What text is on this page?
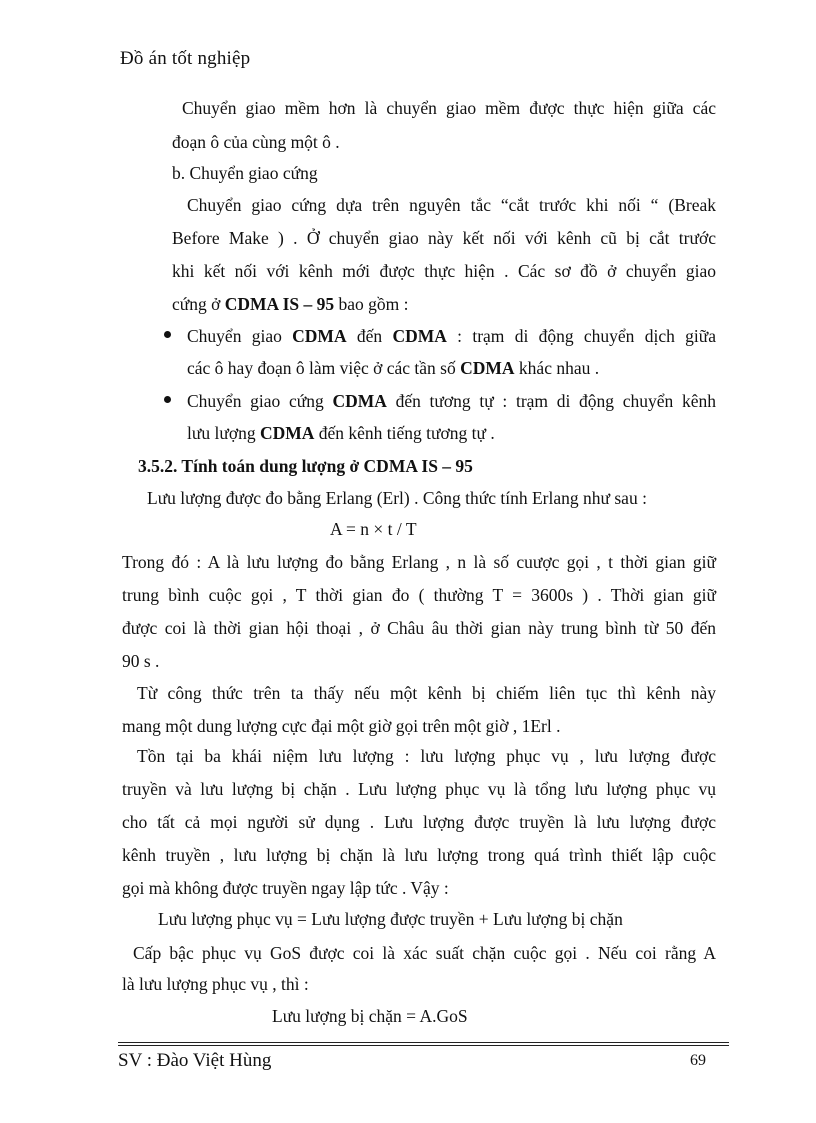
Đồ án tốt nghiệp
Chuyển giao mềm hơn là chuyển giao mềm được thực hiện giữa các
đoạn ô của cùng một ô .
b. Chuyển giao cứng
Chuyển giao cứng dựa trên nguyên tắc “cắt trước khi nối “ (Break
Before Make ) . Ở chuyển giao này kết nối với kênh cũ bị cắt trước
khi kết nối với kênh mới được thực hiện . Các sơ đồ ở chuyển giao
cứng ở CDMA IS – 95 bao gồm :
Chuyển giao CDMA đến CDMA : trạm di động chuyển dịch giữa
các ô hay đoạn ô làm việc ở các tần số CDMA khác nhau .
Chuyển giao cứng CDMA đến tương tự : trạm di động chuyển kênh
lưu lượng CDMA đến kênh tiếng tương tự .
3.5.2. Tính toán dung lượng ở CDMA IS – 95
Lưu lượng được đo bằng Erlang (Erl) . Công thức tính Erlang như sau :
A = n × t / T
Trong đó : A là lưu lượng đo bằng Erlang , n là số cuược gọi , t thời gian giữ
trung bình cuộc gọi , T thời gian đo ( thường T = 3600s ) . Thời gian giữ
được coi là thời gian hội thoại , ở Châu âu thời gian này trung bình từ 50 đến
90 s .
Từ công thức trên ta thấy nếu một kênh bị chiếm liên tục thì kênh này
mang một dung lượng cực đại một giờ gọi trên một giờ , 1Erl .
Tồn tại ba khái niệm lưu lượng : lưu lượng phục vụ , lưu lượng được
truyền và lưu lượng bị chặn . Lưu lượng phục vụ là tổng lưu lượng phục vụ
cho tất cả mọi người sử dụng . Lưu lượng được truyền là lưu lượng được
kênh truyền , lưu lượng bị chặn là lưu lượng trong quá trình thiết lập cuộc
gọi mà không được truyền ngay lập tức . Vậy :
Lưu lượng phục vụ = Lưu lượng được truyền + Lưu lượng bị chặn
Cấp bậc phục vụ GoS được coi là xác suất chặn cuộc gọi . Nếu coi rằng A
là lưu lượng phục vụ , thì :
Lưu lượng bị chặn = A.GoS
SV : Đào Việt Hùng	69
